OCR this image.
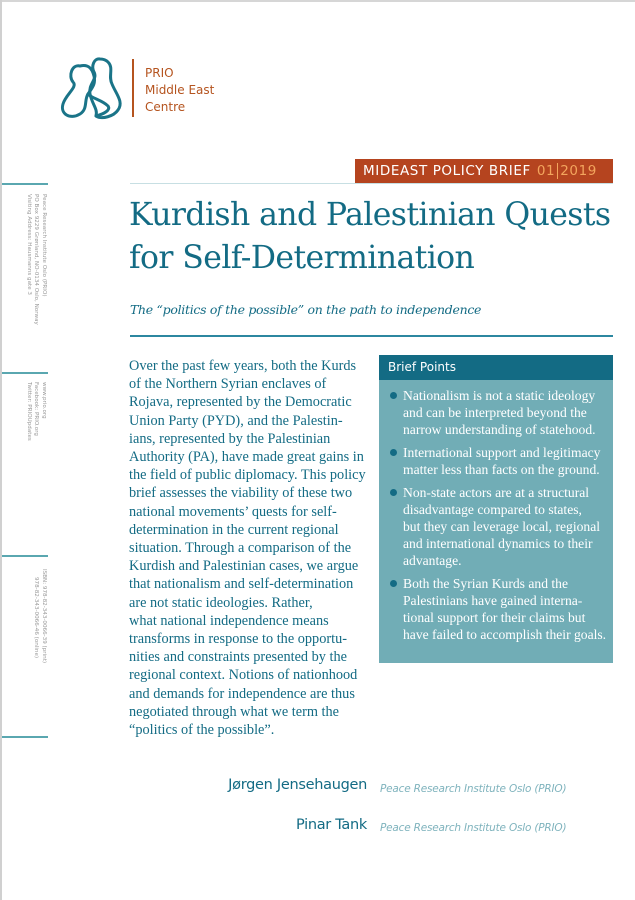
PRIO
Middle East
Centre
Peace Research Institute Oslo (PRIO)
PO Box 9229 Grønland, NO-0134 Oslo, Norway
Visiting Address: Hausmanns gate 3
www.prio.org
Facebook: PRIO.org
Twitter: PRIOUpdates
ISBN: 978-82-343-0066-39 (print)
978-82-343-0066-46 (online)
MIDEAST POLICY BRIEF 01 2019
Kurdish and Palestinian Quests
for Self-Determination
The “politics of the possible” on the path to independence
Over the past few years, both the Kurds
of the Northern Syrian enclaves of
Rojava, represented by the Democratic
Union Party (PYD), and the Palestin-
ians, represented by the Palestinian
Authority (PA), have made great gains in
the field of public diplomacy. This policy
brief assesses the viability of these two
national movements’ quests for self-
determination in the current regional
situation. Through a comparison of the
Kurdish and Palestinian cases, we argue
that nationalism and self-determination
are not static ideologies. Rather,
what national independence means
transforms in response to the opportu-
nities and constraints presented by the
regional context. Notions of nationhood
and demands for independence are thus
negotiated through what we term the
“politics of the possible”.
Brief Points
Nationalism is not a static ideology
and can be interpreted beyond the
narrow understanding of statehood.
International support and legitimacy
matter less than facts on the ground.
Non-state actors are at a structural
disadvantage compared to states,
but they can leverage local, regional
and international dynamics to their
advantage.
Both the Syrian Kurds and the
Palestinians have gained interna-
tional support for their claims but
have failed to accomplish their goals.
Jørgen Jensehaugen Peace Research Institute Oslo (PRIO)
Pinar Tank Peace Research Institute Oslo (PRIO)
